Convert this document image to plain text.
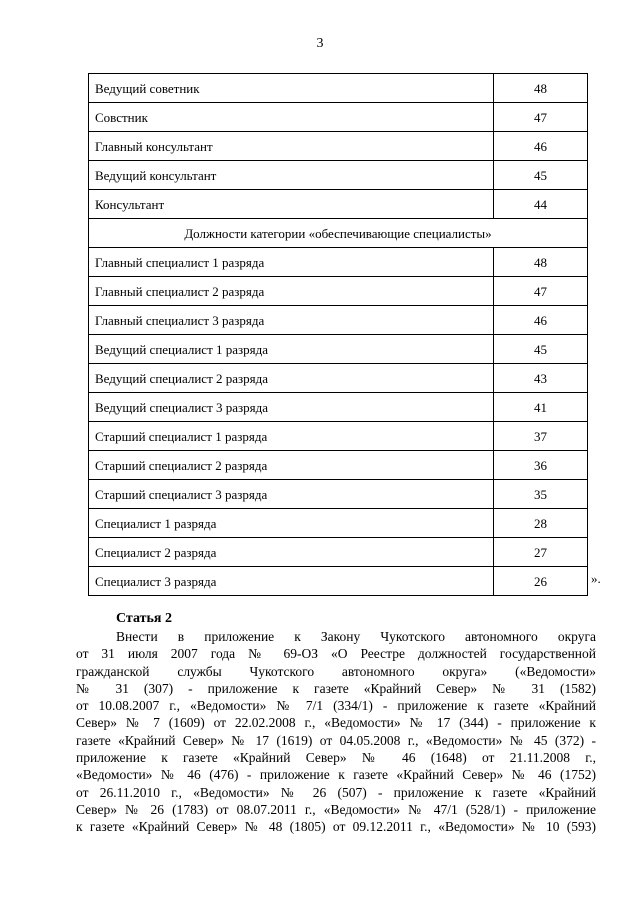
3
Ведущий советник	48
Совстник	47
Главный консультант	46
Ведущий консультант	45
Консультант	44
Должности категории «обеспечивающие специалисты»	
Главный специалист 1 разряда	48
Главный специалист 2 разряда	47
Главный специалист 3 разряда	46
Ведущий специалист 1 разряда	45
Ведущий специалист 2 разряда	43
Ведущий специалист 3 разряда	41
Старший специалист 1 разряда	37
Старший специалист 2 разряда	36
Старший специалист 3 разряда	35
Специалист 1 разряда	28
Специалист 2 разряда	27
Специалист 3 разряда	26	».
Статья 2
Внести в приложение к Закону Чукотского автономного округа
от 31 июля 2007 года № 69-ОЗ «О Реестре должностей государственной
гражданской службы Чукотского автономного округа» («Ведомости»
№ 31 (307) - приложение к газете «Крайний Север» № 31 (1582)
от 10.08.2007 г., «Ведомости» № 7/1 (334/1) - приложение к газете «Крайний
Север» № 7 (1609) от 22.02.2008 г., «Ведомости» № 17 (344) - приложение к
газете «Крайний Север» № 17 (1619) от 04.05.2008 г., «Ведомости» № 45 (372) -
приложение к газете «Крайний Север» № 46 (1648) от 21.11.2008 г.,
«Ведомости» № 46 (476) - приложение к газете «Крайний Север» № 46 (1752)
от 26.11.2010 г., «Ведомости» № 26 (507) - приложение к газете «Крайний
Север» № 26 (1783) от 08.07.2011 г., «Ведомости» № 47/1 (528/1) - приложение
к газете «Крайний Север» № 48 (1805) от 09.12.2011 г., «Ведомости» № 10 (593)
